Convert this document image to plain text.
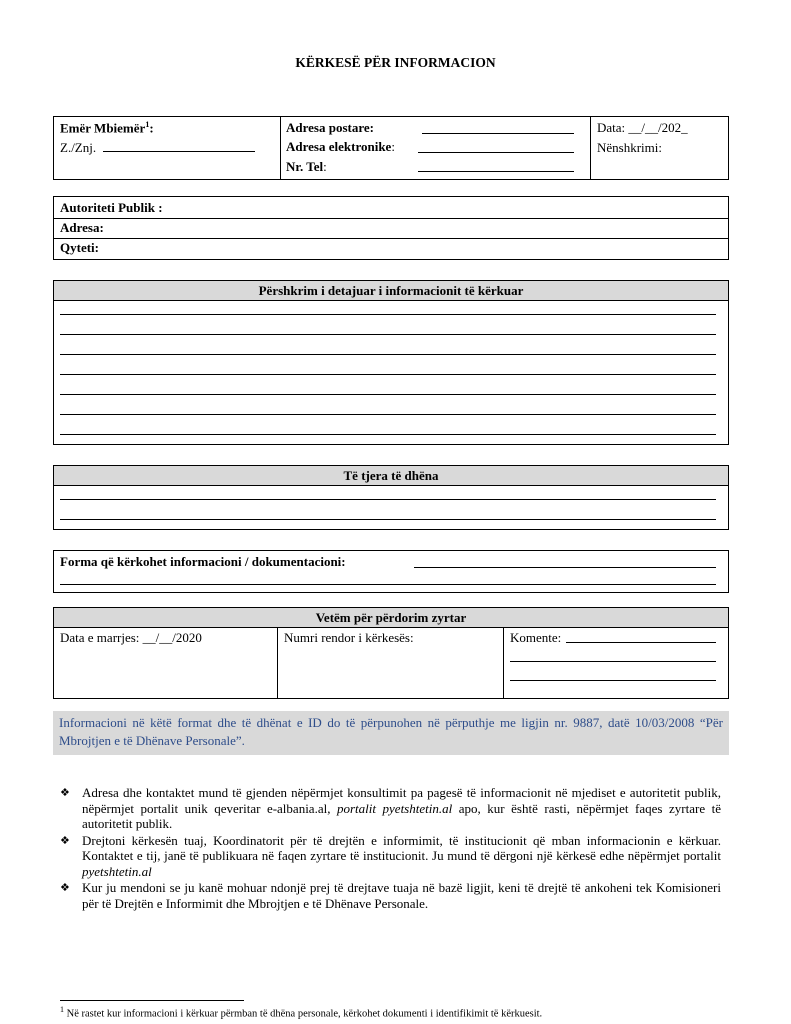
KËRKESË PËR INFORMACION
Emër Mbiemër$^1$:
Z./Znj.
Adresa postare:
Adresa elektronike:
Nr. Tel:
Data: __/__/202_
Nënshkrimi:
Autoriteti Publik :
Adresa:
Qyteti:
Përshkrim i detajuar i informacionit të kërkuar
Të tjera të dhëna
Forma që kërkohet informacioni / dokumentacioni:
Vetëm për përdorim zyrtar
Data e marrjes: __/__/2020	Numri rendor i kërkesës:	Komente:
Informacioni në këtë format dhe të dhënat e ID do të përpunohen në përputhje me ligjin nr. 9887, datë 10/03/2008 “Për Mbrojtjen e të Dhënave Personale”.
❖ Adresa dhe kontaktet mund të gjenden nëpërmjet konsultimit pa pagesë të informacionit në mjediset e autoritetit publik, nëpërmjet portalit unik qeveritar e-albania.al, portalit pyetshtetin.al apo, kur është rasti, nëpërmjet faqes zyrtare të autoritetit publik.
❖ Drejtoni kërkesën tuaj, Koordinatorit për të drejtën e informimit, të institucionit që mban informacionin e kërkuar. Kontaktet e tij, janë të publikuara në faqen zyrtare të institucionit. Ju mund të dërgoni një kërkesë edhe nëpërmjet portalit pyetshtetin.al
❖ Kur ju mendoni se ju kanë mohuar ndonjë prej të drejtave tuaja në bazë ligjit, keni të drejtë të ankoheni tek Komisioneri për të Drejtën e Informimit dhe Mbrojtjen e të Dhënave Personale.
$^1$ Në rastet kur informacioni i kërkuar përmban të dhëna personale, kërkohet dokumenti i identifikimit të kërkuesit.
